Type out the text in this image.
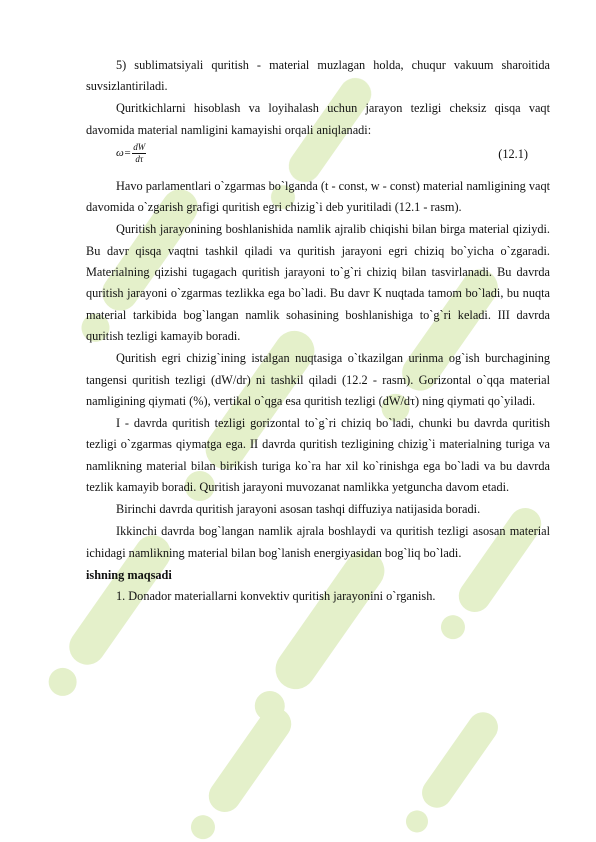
5) sublimatsiyali quritish - material muzlagan holda, chuqur vakuum sharoitida suvsizlantiriladi.

Quritkichlarni hisoblash va loyihalash uchun jarayon tezligi cheksiz qisqa vaqt davomida material namligini kamayishi orqali aniqlanadi:

$\omega= \frac{dW}{d\tau}$	(12.1)

Havo parlamentlari o`zgarmas bo`lganda (t - const, w - const) material namligining vaqt davomida o`zgarish grafigi quritish egri chizig`i deb yuritiladi (12.1 - rasm).

Quritish jarayonining boshlanishida namlik ajralib chiqishi bilan birga material qiziydi. Bu davr qisqa vaqtni tashkil qiladi va quritish jarayoni egri chiziq bo`yicha o`zgaradi. Materialning qizishi tugagach quritish jarayoni to`g`ri chiziq bilan tasvirlanadi. Bu davrda quritish jarayoni o`zgarmas tezlikka ega bo`ladi. Bu davr K nuqtada tamom bo`ladi, bu nuqta material tarkibida bog`langan namlik sohasining boshlanishiga to`g`ri keladi. III davrda quritish tezligi kamayib boradi.

Quritish egri chizig`ining istalgan nuqtasiga o`tkazilgan urinma og`ish burchagining tangensi quritish tezligi (dW/dr) ni tashkil qiladi (12.2 - rasm). Gorizontal o`qqa material namligining qiymati (%), vertikal o`qga esa quritish tezligi (dW/dτ) ning qiymati qo`yiladi.

I - davrda quritish tezligi gorizontal to`g`ri chiziq bo`ladi, chunki bu davrda quritish tezligi o`zgarmas qiymatga ega. II davrda quritish tezligining chizig`i materialning turiga va namlikning material bilan birikish turiga ko`ra har xil ko`rinishga ega bo`ladi va bu davrda tezlik kamayib boradi. Quritish jarayoni muvozanat namlikka yetguncha davom etadi.

Birinchi davrda quritish jarayoni asosan tashqi diffuziya natijasida boradi.

Ikkinchi davrda bog`langan namlik ajrala boshlaydi va quritish tezligi asosan material ichidagi namlikning material bilan bog`lanish energiyasidan bog`liq bo`ladi.

ishning maqsadi

1. Donador materiallarni konvektiv quritish jarayonini o`rganish.
